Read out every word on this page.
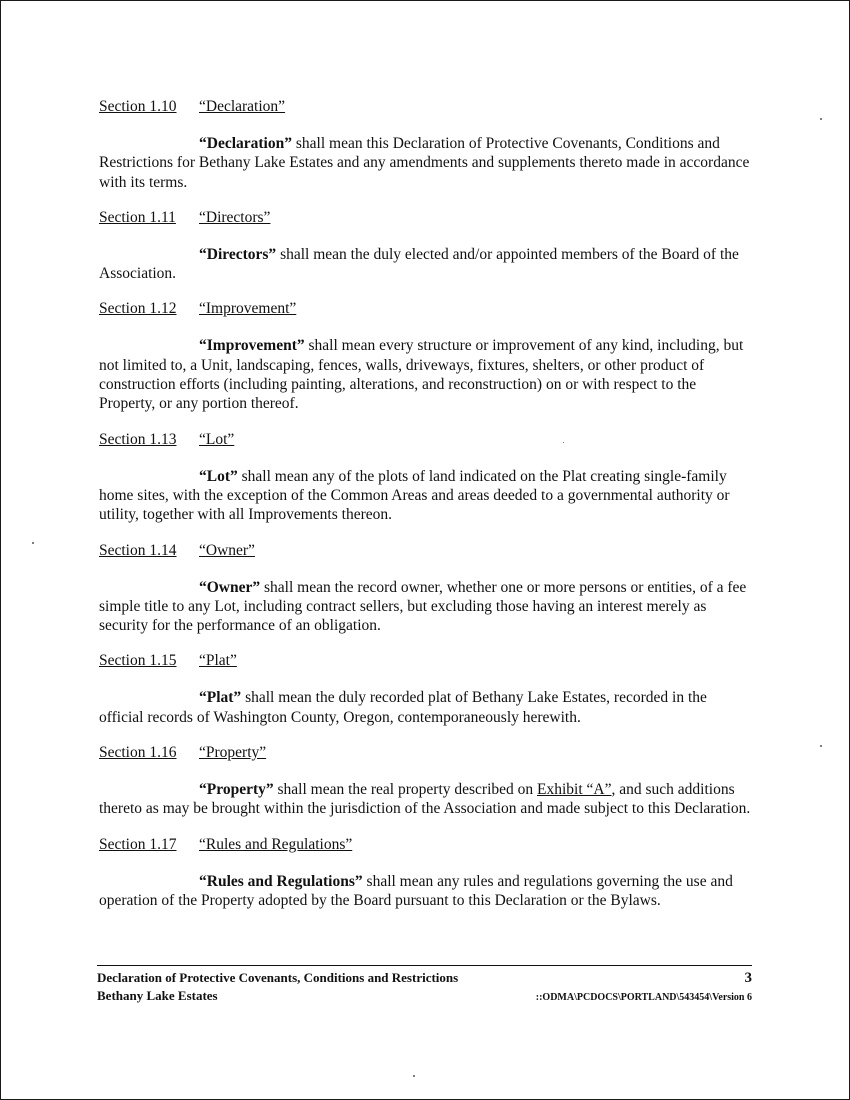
Section 1.10 “Declaration”

“Declaration” shall mean this Declaration of Protective Covenants, Conditions and Restrictions for Bethany Lake Estates and any amendments and supplements thereto made in accordance with its terms.

Section 1.11 “Directors”

“Directors” shall mean the duly elected and/or appointed members of the Board of the Association.

Section 1.12 “Improvement”

“Improvement” shall mean every structure or improvement of any kind, including, but not limited to, a Unit, landscaping, fences, walls, driveways, fixtures, shelters, or other product of construction efforts (including painting, alterations, and reconstruction) on or with respect to the Property, or any portion thereof.

Section 1.13 “Lot”

“Lot” shall mean any of the plots of land indicated on the Plat creating single-family home sites, with the exception of the Common Areas and areas deeded to a governmental authority or utility, together with all Improvements thereon.

Section 1.14 “Owner”

“Owner” shall mean the record owner, whether one or more persons or entities, of a fee simple title to any Lot, including contract sellers, but excluding those having an interest merely as security for the performance of an obligation.

Section 1.15 “Plat”

“Plat” shall mean the duly recorded plat of Bethany Lake Estates, recorded in the official records of Washington County, Oregon, contemporaneously herewith.

Section 1.16 “Property”

“Property” shall mean the real property described on Exhibit “A”, and such additions thereto as may be brought within the jurisdiction of the Association and made subject to this Declaration.

Section 1.17 “Rules and Regulations”

“Rules and Regulations” shall mean any rules and regulations governing the use and operation of the Property adopted by the Board pursuant to this Declaration or the Bylaws.

Declaration of Protective Covenants, Conditions and Restrictions	3
Bethany Lake Estates	::ODMA\PCDOCS\PORTLAND\543454\Version 6
